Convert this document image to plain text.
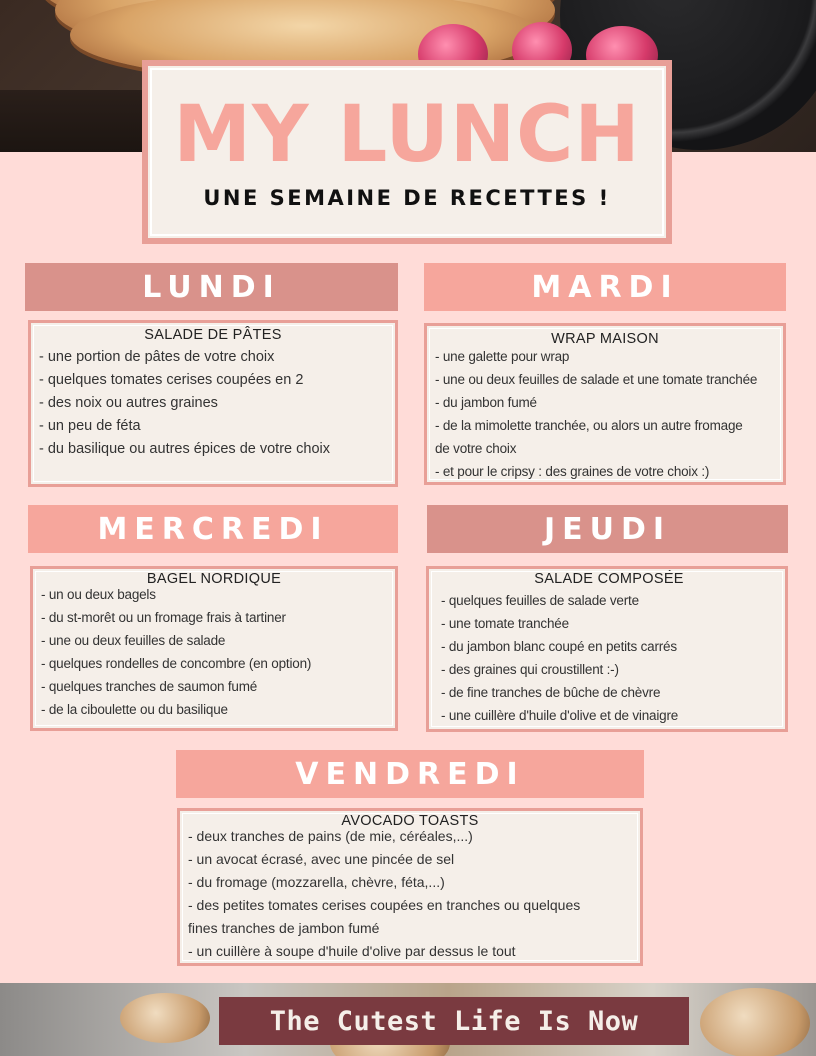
MY LUNCH
UNE SEMAINE DE RECETTES !
LUNDI
SALADE DE PÂTES
- une portion de pâtes de votre choix
- quelques tomates cerises coupées en 2
- des noix ou autres graines
- un peu de féta
- du basilique ou autres épices de votre choix
MARDI
WRAP MAISON
- une galette pour wrap
- une ou deux feuilles de salade et une tomate tranchée
- du jambon fumé
- de la mimolette tranchée, ou alors un autre fromage
de votre choix
- et pour le cripsy : des graines de votre choix :)
MERCREDI
BAGEL NORDIQUE
- un ou deux bagels
- du st-morêt ou un fromage frais à tartiner
- une ou deux feuilles de salade
- quelques rondelles de concombre (en option)
- quelques tranches de saumon fumé
- de la ciboulette ou du basilique
JEUDI
SALADE COMPOSÉE
- quelques feuilles de salade verte
- une tomate tranchée
- du jambon blanc coupé en petits carrés
- des graines qui croustillent :-)
- de fine tranches de bûche de chèvre
- une cuillère d'huile d'olive et de vinaigre
VENDREDI
AVOCADO TOASTS
- deux tranches de pains (de mie, céréales,...)
- un avocat écrasé, avec une pincée de sel
- du fromage (mozzarella, chèvre, féta,...)
- des petites tomates cerises coupées en tranches ou quelques
fines tranches de jambon fumé
- un cuillère à soupe d'huile d'olive par dessus le tout
The Cutest Life Is Now
